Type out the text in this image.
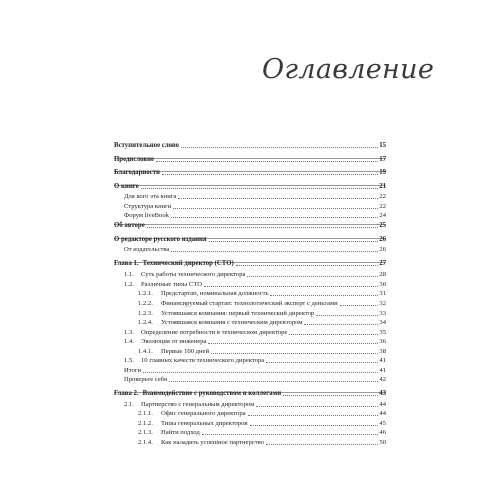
Оглавление
Вступительное слово	15
Предисловие	17
Благодарности	19
О книге	21
Для кого эта книга	22
Структура книги	22
Форум liveBook	24
Об авторе	25
О редакторе русского издания	26
От издательства	26
Глава 1. Технический директор (CTO)	27
1.1.	Суть работы технического директора	28
1.2.	Различные типы CTO	30
1.2.1.	Предстартап, номинальная должность	31
1.2.2.	Финансируемый стартап: технологический эксперт с деньгами	32
1.2.3.	Устоявшаяся компания: первый технический директор	33
1.2.4.	Устоявшаяся компания с техническим директором	34
1.3.	Определение потребности в техническом директоре	35
1.4.	Эволюция от инженера	36
1.4.1.	Первые 100 дней	38
1.5.	10 главных качеств технического директора	41
Итоги	41
Проверьте себя	42
Глава 2. Взаимодействие с руководством и коллегами	43
2.1.	Партнерство с генеральным директором	44
2.1.1.	Офис генерального директора	44
2.1.2.	Типы генеральных директоров	45
2.1.3.	Найти подход	46
2.1.4.	Как наладить успешное партнерство	50
